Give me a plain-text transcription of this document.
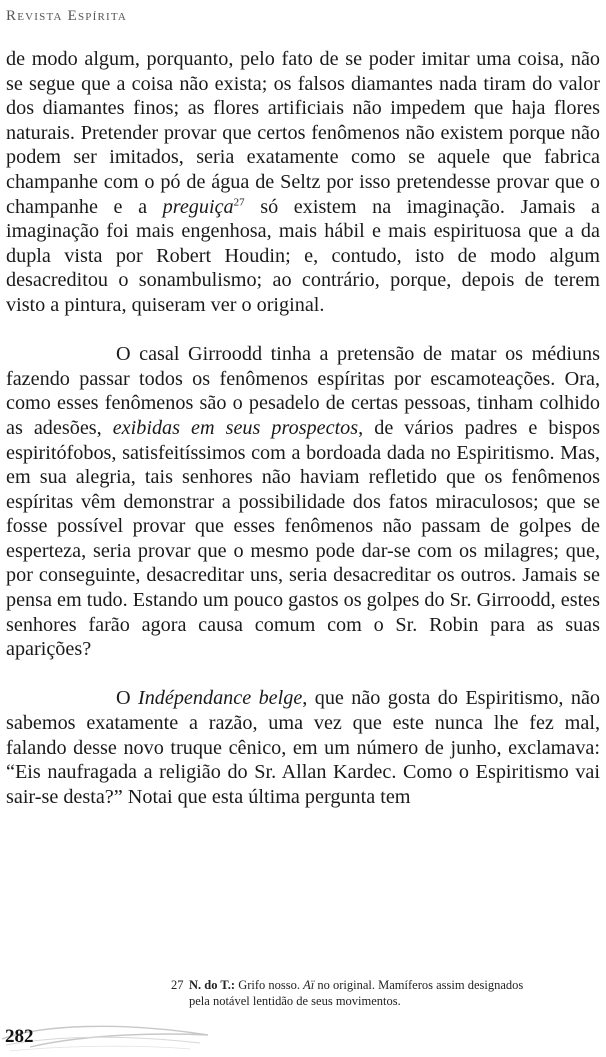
Revista Espírita

de modo algum, porquanto, pelo fato de se poder imitar uma coisa, não se segue que a coisa não exista; os falsos diamantes nada tiram do valor dos diamantes finos; as flores artificiais não impedem que haja flores naturais. Pretender provar que certos fenômenos não existem porque não podem ser imitados, seria exatamente como se aquele que fabrica champanhe com o pó de água de Seltz por isso pretendesse provar que o champanhe e a preguiça$^{27}$ só existem na imaginação. Jamais a imaginação foi mais engenhosa, mais hábil e mais espirituosa que a da dupla vista por Robert Houdin; e, contudo, isto de modo algum desacreditou o sonambulismo; ao contrário, porque, depois de terem visto a pintura, quiseram ver o original.

O casal Girroodd tinha a pretensão de matar os médiuns fazendo passar todos os fenômenos espíritas por escamoteações. Ora, como esses fenômenos são o pesadelo de certas pessoas, tinham colhido as adesões, exibidas em seus prospectos, de vários padres e bispos espiritófobos, satisfeitíssimos com a bordoada dada no Espiritismo. Mas, em sua alegria, tais senhores não haviam refletido que os fenômenos espíritas vêm demonstrar a possibilidade dos fatos miraculosos; que se fosse possível provar que esses fenômenos não passam de golpes de esperteza, seria provar que o mesmo pode dar-se com os milagres; que, por conseguinte, desacreditar uns, seria desacreditar os outros. Jamais se pensa em tudo. Estando um pouco gastos os golpes do Sr. Girroodd, estes senhores farão agora causa comum com o Sr. Robin para as suas aparições?

O Indépendance belge, que não gosta do Espiritismo, não sabemos exatamente a razão, uma vez que este nunca lhe fez mal, falando desse novo truque cênico, em um número de junho, exclamava: “Eis naufragada a religião do Sr. Allan Kardec. Como o Espiritismo vai sair-se desta?” Notai que esta última pergunta tem

27 N. do T.: Grifo nosso. Aï no original. Mamíferos assim designados
pela notável lentidão de seus movimentos.
282
